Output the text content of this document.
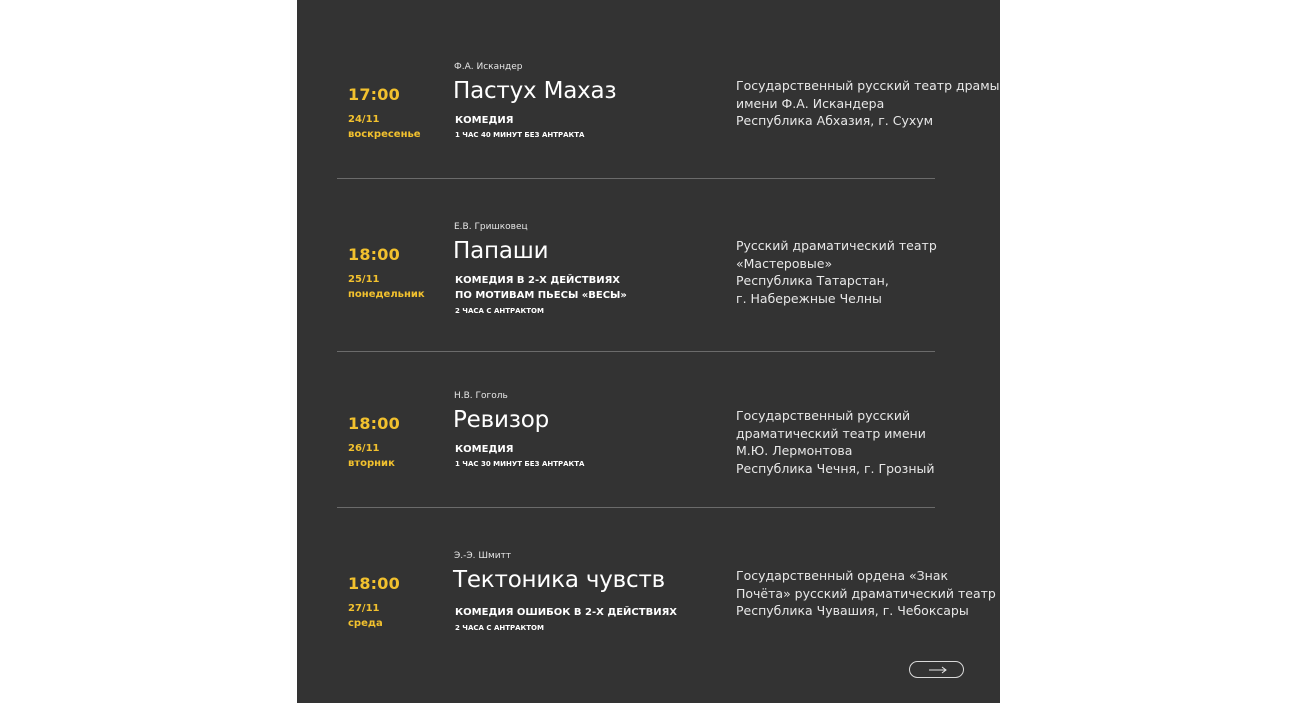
Ф.А. Искандер
17:00 Пастух Махаз
24/11
воскресенье
КОМЕДИЯ
1 ЧАС 40 МИНУТ БЕЗ АНТРАКТА
Государственный русский театр драмы
имени Ф.А. Искандера
Республика Абхазия, г. Сухум
Е.В. Гришковец
18:00 Папаши
25/11
понедельник
КОМЕДИЯ В 2-Х ДЕЙСТВИЯХ
ПО МОТИВАМ ПЬЕСЫ «ВЕСЫ»
2 ЧАСА С АНТРАКТОМ
Русский драматический театр
«Мастеровые»
Республика Татарстан,
г. Набережные Челны
Н.В. Гоголь
18:00 Ревизор
26/11
вторник
КОМЕДИЯ
1 ЧАС 30 МИНУТ БЕЗ АНТРАКТА
Государственный русский
драматический театр имени
М.Ю. Лермонтова
Республика Чечня, г. Грозный
Э.-Э. Шмитт
18:00 Тектоника чувств
27/11
среда
КОМЕДИЯ ОШИБОК В 2-Х ДЕЙСТВИЯХ
2 ЧАСА С АНТРАКТОМ
Государственный ордена «Знак
Почёта» русский драматический театр
Республика Чувашия, г. Чебоксары
